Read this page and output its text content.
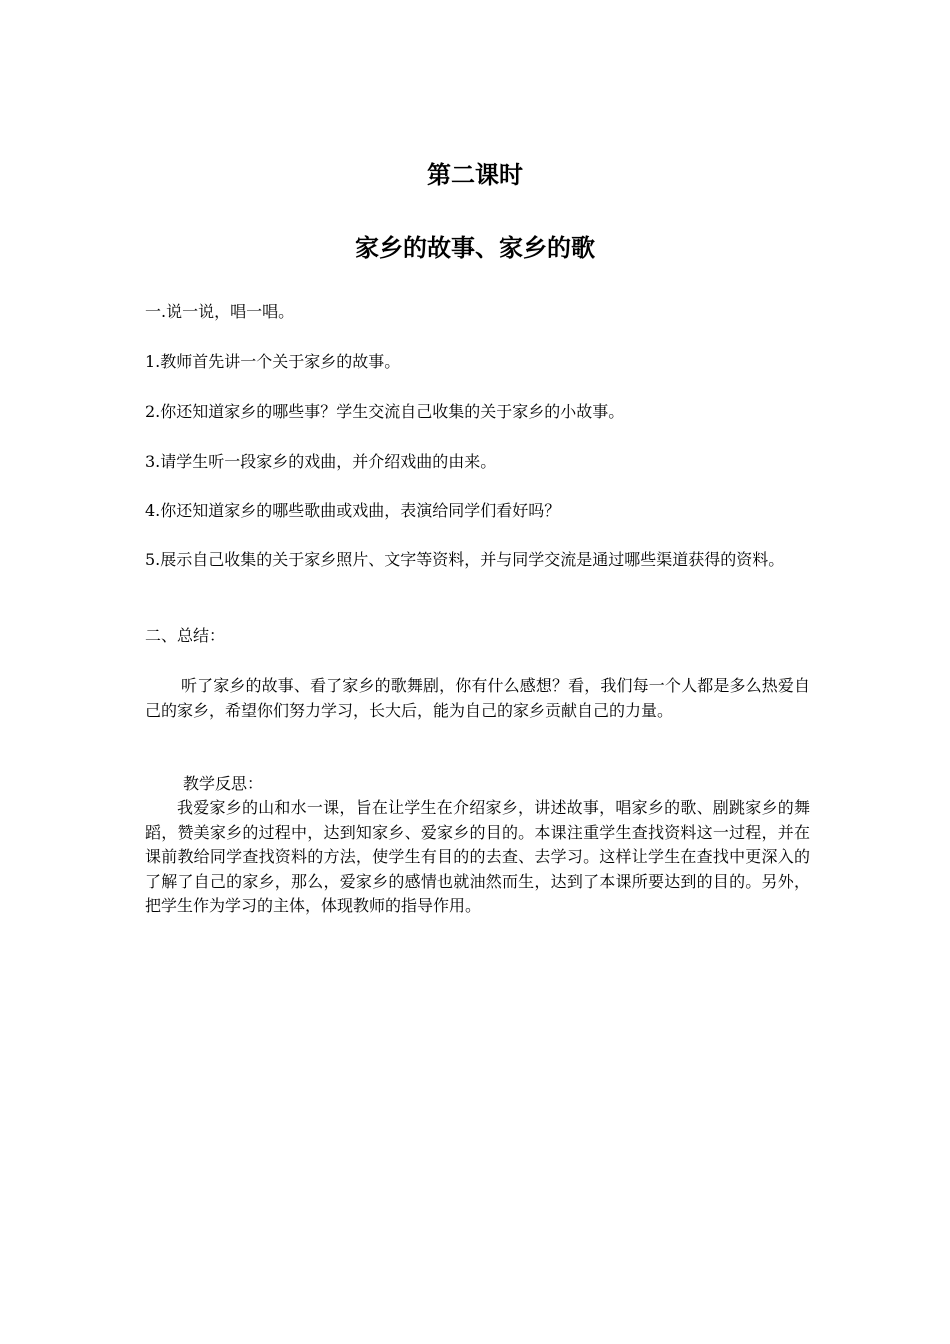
第二课时
家乡的故事、家乡的歌

一.说一说，唱一唱。

1.教师首先讲一个关于家乡的故事。

2.你还知道家乡的哪些事？学生交流自己收集的关于家乡的小故事。

3.请学生听一段家乡的戏曲，并介绍戏曲的由来。

4.你还知道家乡的哪些歌曲或戏曲，表演给同学们看好吗？

5.展示自己收集的关于家乡照片、文字等资料，并与同学交流是通过哪些渠道获得的资料。

二、总结：

听了家乡的故事、看了家乡的歌舞剧，你有什么感想？看，我们每一个人都是多么热爱自己的家乡，希望你们努力学习，长大后，能为自己的家乡贡献自己的力量。

教学反思：

我爱家乡的山和水一课，旨在让学生在介绍家乡，讲述故事，唱家乡的歌、剧跳家乡的舞蹈，赞美家乡的过程中，达到知家乡、爱家乡的目的。本课注重学生查找资料这一过程，并在课前教给同学查找资料的方法，使学生有目的的去查、去学习。这样让学生在查找中更深入的了解了自己的家乡，那么，爱家乡的感情也就油然而生，达到了本课所要达到的目的。另外，把学生作为学习的主体，体现教师的指导作用。
